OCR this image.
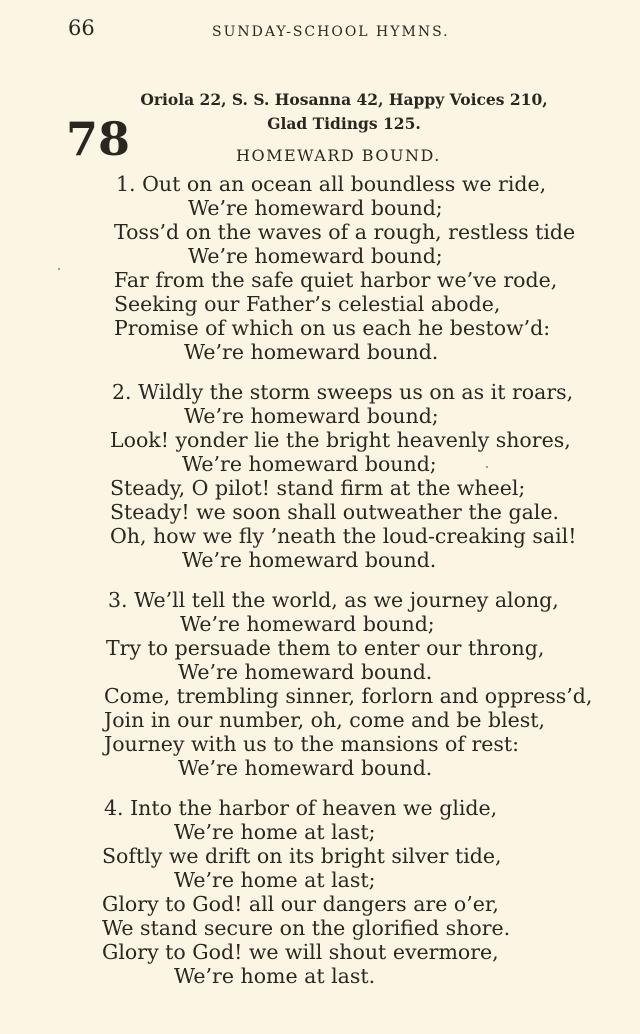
66	SUNDAY-SCHOOL HYMNS.
78
Oriola 22, S. S. Hosanna 42, Happy Voices 210,
Glad Tidings 125.
HOMEWARD BOUND.
1. Out on an ocean all boundless we ride,
We’re homeward bound;
Toss’d on the waves of a rough, restless tide
We’re homeward bound;
Far from the safe quiet harbor we’ve rode,
Seeking our Father’s celestial abode,
Promise of which on us each he bestow’d:
We’re homeward bound.
2. Wildly the storm sweeps us on as it roars,
We’re homeward bound;
Look! yonder lie the bright heavenly shores,
We’re homeward bound;
Steady, O pilot! stand firm at the wheel;
Steady! we soon shall outweather the gale.
Oh, how we fly ’neath the loud-creaking sail!
We’re homeward bound.
3. We’ll tell the world, as we journey along,
We’re homeward bound;
Try to persuade them to enter our throng,
We’re homeward bound.
Come, trembling sinner, forlorn and oppress’d,
Join in our number, oh, come and be blest,
Journey with us to the mansions of rest:
We’re homeward bound.
4. Into the harbor of heaven we glide,
We’re home at last;
Softly we drift on its bright silver tide,
We’re home at last;
Glory to God! all our dangers are o’er,
We stand secure on the glorified shore.
Glory to God! we will shout evermore,
We’re home at last.
